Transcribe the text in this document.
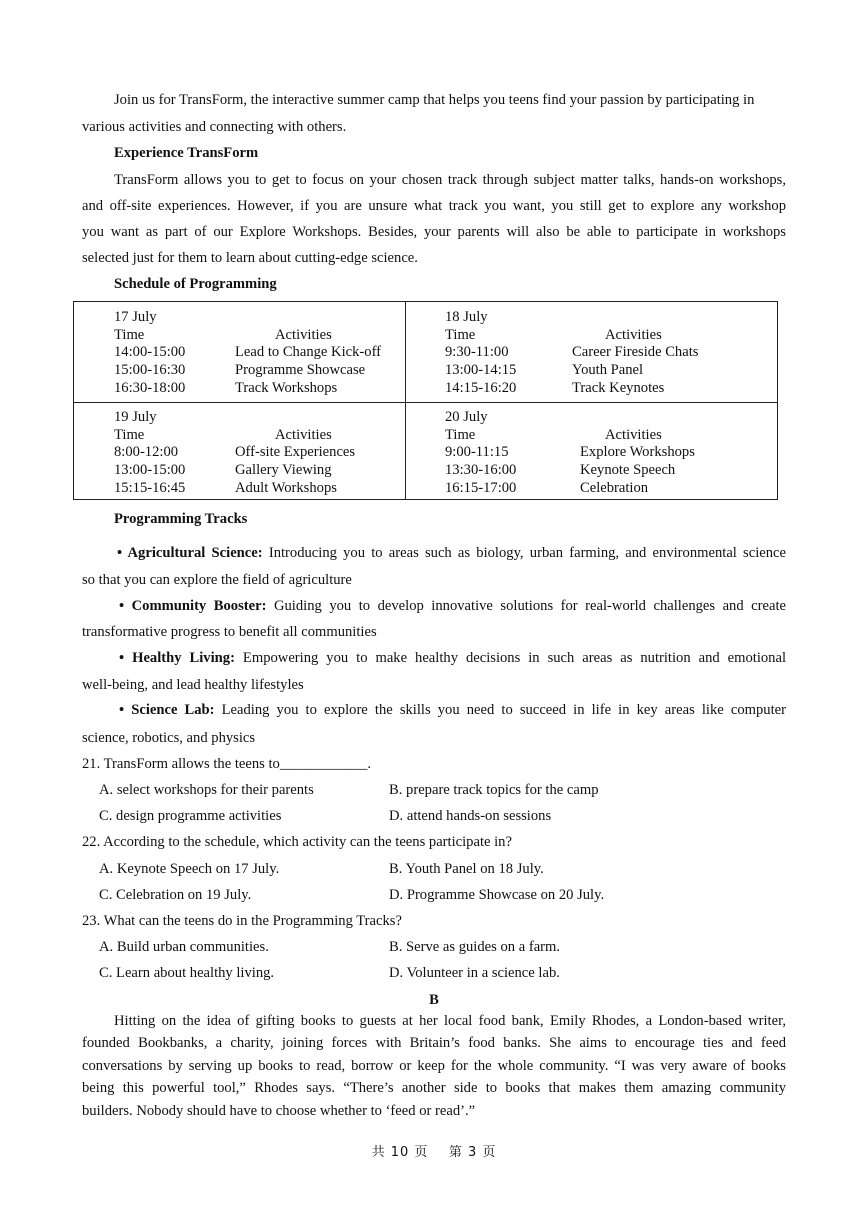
Join us for TransForm, the interactive summer camp that helps you teens find your passion by participating in
various activities and connecting with others.
Experience TransForm
TransForm allows you to get to focus on your chosen track through subject matter talks, hands-on workshops,
and off-site experiences. However, if you are unsure what track you want, you still get to explore any workshop
you want as part of our Explore Workshops. Besides, your parents will also be able to participate in workshops
selected just for them to learn about cutting-edge science.
Schedule of Programming
17 July
Time	Activities
14:00-15:00	Lead to Change Kick-off
15:00-16:30	Programme Showcase
16:30-18:00	Track Workshops
18 July
Time	Activities
9:30-11:00	Career Fireside Chats
13:00-14:15	Youth Panel
14:15-16:20	Track Keynotes
19 July
Time	Activities
8:00-12:00	Off-site Experiences
13:00-15:00	Gallery Viewing
15:15-16:45	Adult Workshops
20 July
Time	Activities
9:00-11:15	Explore Workshops
13:30-16:00	Keynote Speech
16:15-17:00	Celebration
Programming Tracks
• Agricultural Science: Introducing you to areas such as biology, urban farming, and environmental science
so that you can explore the field of agriculture
• Community Booster: Guiding you to develop innovative solutions for real-world challenges and create
transformative progress to benefit all communities
• Healthy Living: Empowering you to make healthy decisions in such areas as nutrition and emotional
well-being, and lead healthy lifestyles
• Science Lab: Leading you to explore the skills you need to succeed in life in key areas like computer
science, robotics, and physics
21. TransForm allows the teens to____________.
A. select workshops for their parents	B. prepare track topics for the camp
C. design programme activities	D. attend hands-on sessions
22. According to the schedule, which activity can the teens participate in?
A. Keynote Speech on 17 July.	B. Youth Panel on 18 July.
C. Celebration on 19 July.	D. Programme Showcase on 20 July.
23. What can the teens do in the Programming Tracks?
A. Build urban communities.	B. Serve as guides on a farm.
C. Learn about healthy living.	D. Volunteer in a science lab.
B
Hitting on the idea of gifting books to guests at her local food bank, Emily Rhodes, a London-based writer,
founded Bookbanks, a charity, joining forces with Britain’s food banks. She aims to encourage ties and feed
conversations by serving up books to read, borrow or keep for the whole community. “I was very aware of books
being this powerful tool,” Rhodes says. “There’s another side to books that makes them amazing community
builders. Nobody should have to choose whether to ‘feed or read’.”
共 10 页    第 3 页
